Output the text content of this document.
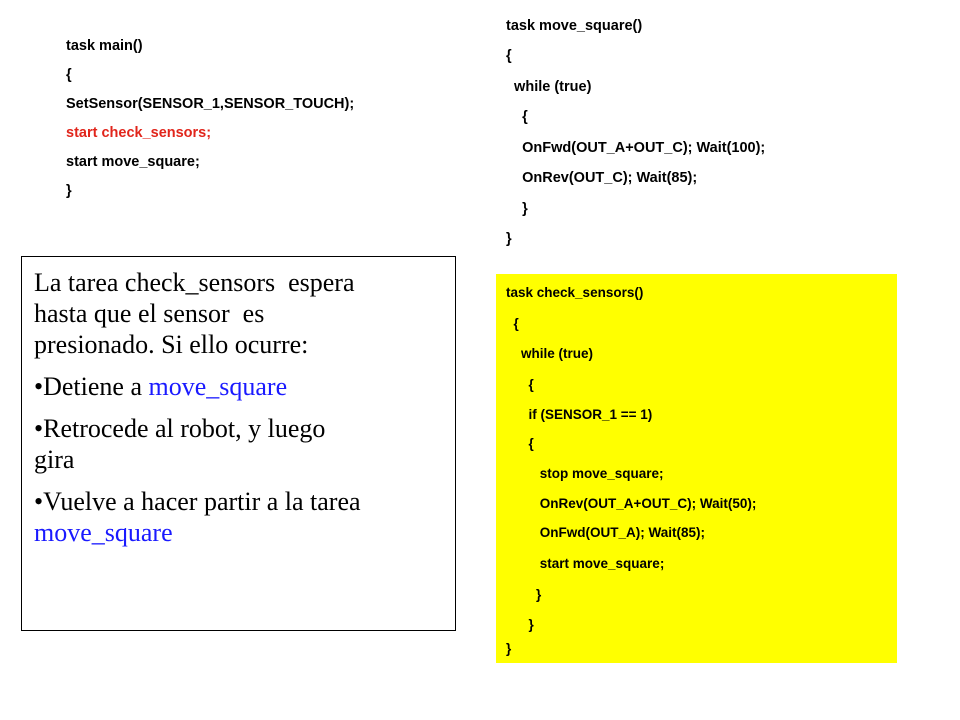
task main()

{

SetSensor(SENSOR_1,SENSOR_TOUCH);

start check_sensors;

start move_square;

}

task move_square()

{

while (true)

{

OnFwd(OUT_A+OUT_C); Wait(100);

OnRev(OUT_C); Wait(85);

}

}

task check_sensors()

{

while (true)

{

if (SENSOR_1 == 1)

{

stop move_square;

OnRev(OUT_A+OUT_C); Wait(50);

OnFwd(OUT_A); Wait(85);

start move_square;

}

}

}

La tarea check_sensors  espera
hasta que el sensor  es
presionado. Si ello ocurre:
•Detiene a move_square
•Retrocede al robot, y luego
gira
•Vuelve a hacer partir a la tarea
move_square
